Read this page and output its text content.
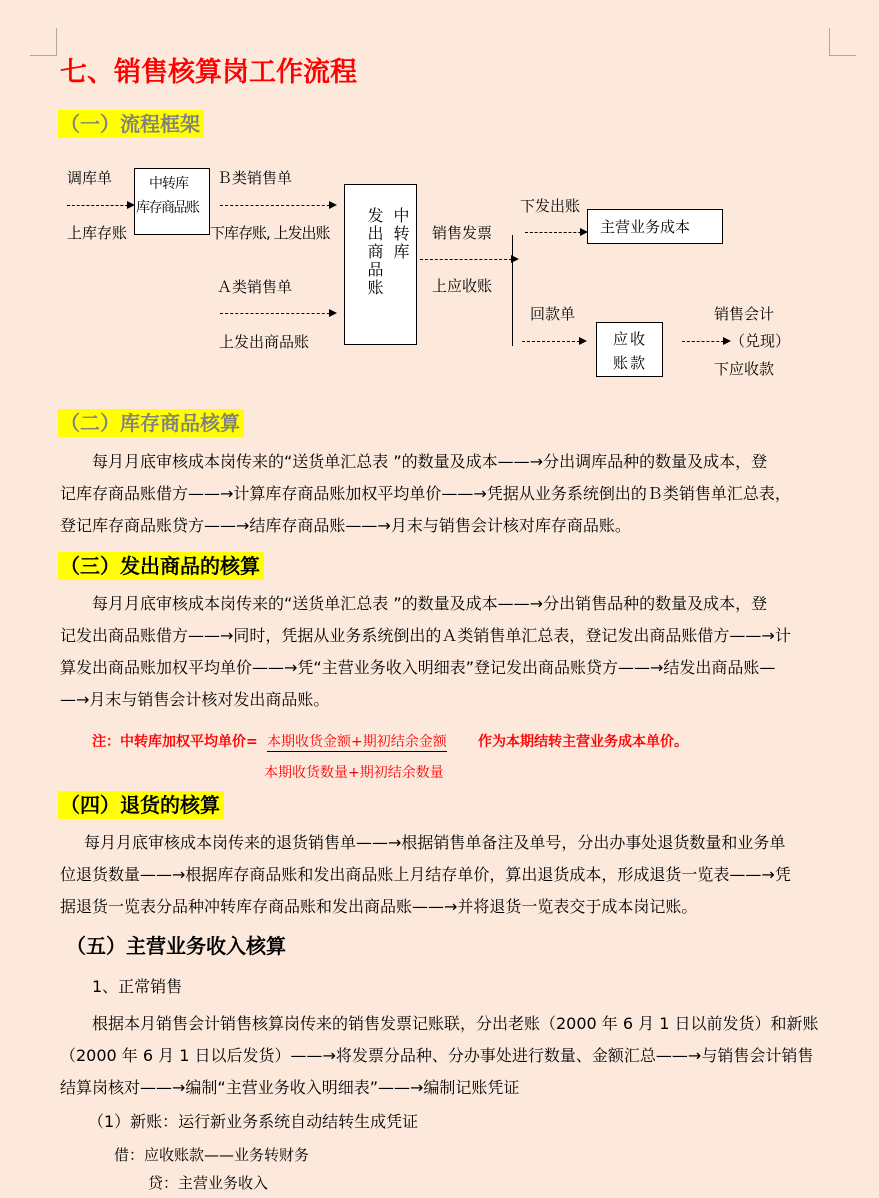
七、销售核算岗工作流程
（一）流程框架
调库单
上库存账
中转库
库存商品账
Ｂ类销售单
下库存账, 上发出账
Ａ类销售单
上发出商品账
中转库
发出商品账	销售发票
上应收账
下发出账
主营业务成本
回款单
应收账款
销售会计
（兑现）
下应收款
（二）库存商品核算
每月月底审核成本岗传来的“送货单汇总表 ”的数量及成本——→分出调库品种的数量及成本，登
记库存商品账借方——→计算库存商品账加权平均单价——→凭据从业务系统倒出的Ｂ类销售单汇总表，
登记库存商品账贷方——→结库存商品账——→月末与销售会计核对库存商品账。
（三）发出商品的核算
每月月底审核成本岗传来的“送货单汇总表 ”的数量及成本——→分出销售品种的数量及成本，登
记发出商品账借方——→同时，凭据从业务系统倒出的Ａ类销售单汇总表，登记发出商品账借方——→计
算发出商品账加权平均单价——→凭“主营业务收入明细表”登记发出商品账贷方——→结发出商品账—
—→月末与销售会计核对发出商品账。
注：中转库加权平均单价= 本期收货金额+期初结余金额 作为本期结转主营业务成本单价。
本期收货数量+期初结余数量
（四）退货的核算
每月月底审核成本岗传来的退货销售单——→根据销售单备注及单号，分出办事处退货数量和业务单
位退货数量——→根据库存商品账和发出商品账上月结存单价，算出退货成本，形成退货一览表——→凭
据退货一览表分品种冲转库存商品账和发出商品账——→并将退货一览表交于成本岗记账。
（五）主营业务收入核算
1、正常销售
根据本月销售会计销售核算岗传来的销售发票记账联，分出老账（2000 年 6 月 1 日以前发货）和新账
（2000 年 6 月 1 日以后发货）——→将发票分品种、分办事处进行数量、金额汇总——→与销售会计销售
结算岗核对——→编制“主营业务收入明细表”——→编制记账凭证
（1）新账：运行新业务系统自动结转生成凭证
借：应收账款——业务转财务
贷：主营业务收入
